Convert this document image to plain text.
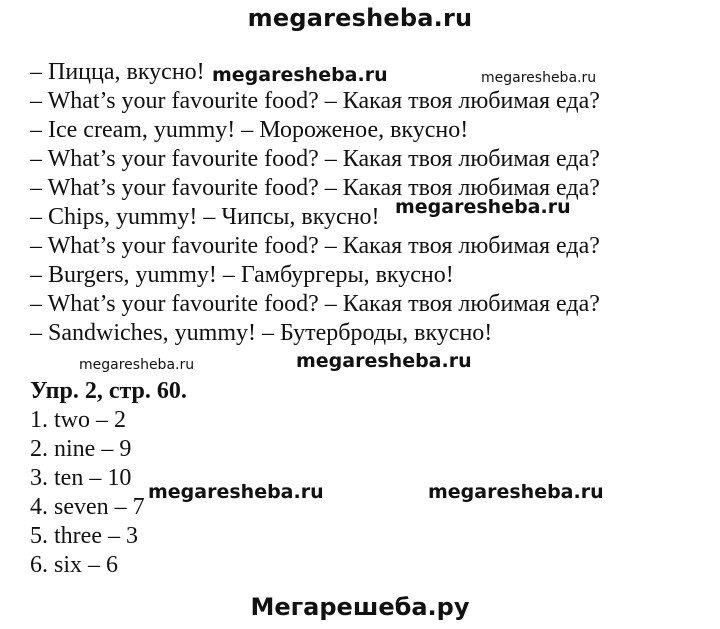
megaresheba.ru
– Пицца, вкусно!
– What’s your favourite food? – Какая твоя любимая еда?
– Ice cream, yummy! – Мороженое, вкусно!
– What’s your favourite food? – Какая твоя любимая еда?
– What’s your favourite food? – Какая твоя любимая еда?
– Chips, yummy! – Чипсы, вкусно!
– What’s your favourite food? – Какая твоя любимая еда?
– Burgers, yummy! – Гамбургеры, вкусно!
– What’s your favourite food? – Какая твоя любимая еда?
– Sandwiches, yummy! – Бутерброды, вкусно!
Упр. 2, стр. 60.
1. two – 2
2. nine – 9
3. ten – 10
4. seven – 7
5. three – 3
6. six – 6
megaresheba.ru	megaresheba.ru
megaresheba.ru
megaresheba.ru	megaresheba.ru
megaresheba.ru	megaresheba.ru
Мегарешеба.ру
